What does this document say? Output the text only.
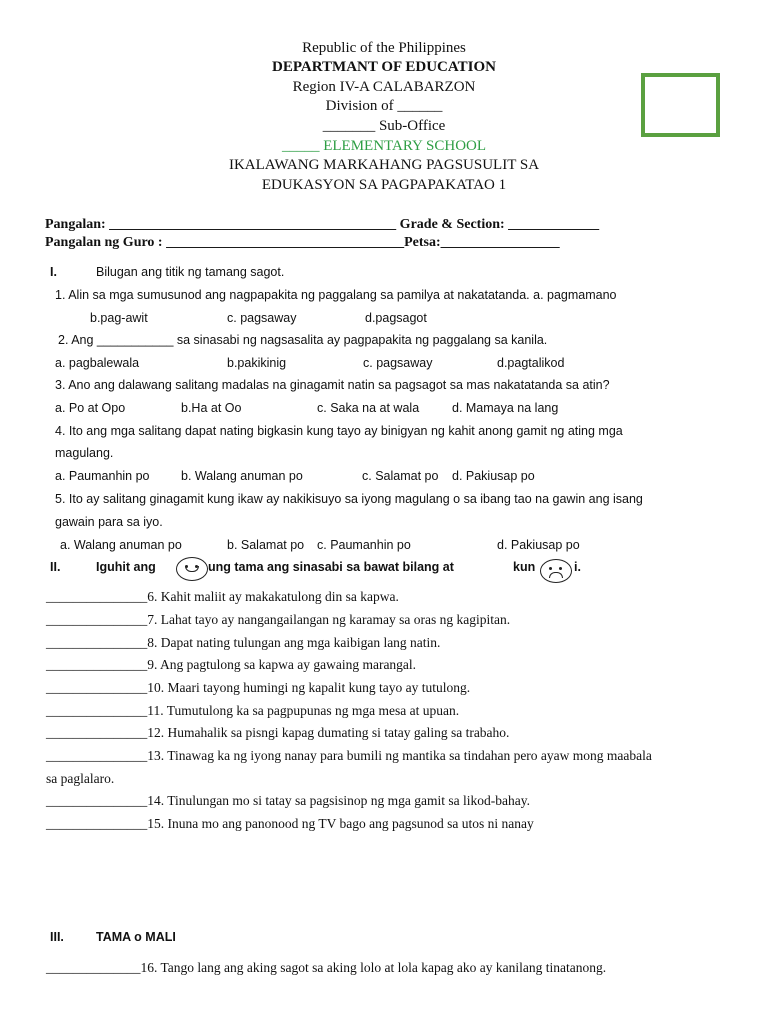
Republic of the Philippines
DEPARTMANT OF EDUCATION
Region IV-A CALABARZON
Division of ______
_______ Sub-Office
_____ ELEMENTARY SCHOOL
IKALAWANG MARKAHANG PAGSUSULIT SA
EDUKASYON SA PAGPAPAKATAO 1
Pangalan: _________________________________________ Grade & Section: _____________
Pangalan ng Guro : __________________________________Petsa:_________________
I.	Bilugan ang titik ng tamang sagot.
1. Alin sa mga sumusunod ang nagpapakita ng paggalang sa pamilya at nakatatanda. a. pagmamano
b.pag-awit	c. pagsaway	d.pagsagot
2. Ang ___________ sa sinasabi ng nagsasalita ay pagpapakita ng paggalang sa kanila.
a. pagbalewala	b.pakikinig	c. pagsaway	d.pagtalikod
3. Ano ang dalawang salitang madalas na ginagamit natin sa pagsagot sa mas nakatatanda sa atin?
a. Po at Opo	b.Ha at Oo	c. Saka na at wala	d. Mamaya na lang
4. Ito ang mga salitang dapat nating bigkasin kung tayo ay binigyan ng kahit anong gamit ng ating mga
magulang.
a. Paumanhin po	b. Walang anuman po	c. Salamat po d. Pakiusap po
5. Ito ay salitang ginagamit kung ikaw ay nakikisuyo sa iyong magulang o sa ibang tao na gawin ang isang
gawain para sa iyo.
a. Walang anuman po	b. Salamat po c. Paumanhin po	d. Pakiusap po
II.	Iguhit ang	ung tama ang sinasabi sa bawat bilang at	kun	i.
_______________6. Kahit maliit ay makakatulong din sa kapwa.
_______________7. Lahat tayo ay nangangailangan ng karamay sa oras ng kagipitan.
_______________8. Dapat nating tulungan ang mga kaibigan lang natin.
_______________9. Ang pagtulong sa kapwa ay gawaing marangal.
_______________10. Maari tayong humingi ng kapalit kung tayo ay tutulong.
_______________11. Tumutulong ka sa pagpupunas ng mga mesa at upuan.
_______________12. Humahalik sa pisngi kapag dumating si tatay galing sa trabaho.
_______________13. Tinawag ka ng iyong nanay para bumili ng mantika sa tindahan pero ayaw mong maabala
sa paglalaro.
_______________14. Tinulungan mo si tatay sa pagsisinop ng mga gamit sa likod-bahay.
_______________15. Inuna mo ang panonood ng TV bago ang pagsunod sa utos ni nanay
III.	TAMA o MALI
______________16. Tango lang ang aking sagot sa aking lolo at lola kapag ako ay kanilang tinatanong.
